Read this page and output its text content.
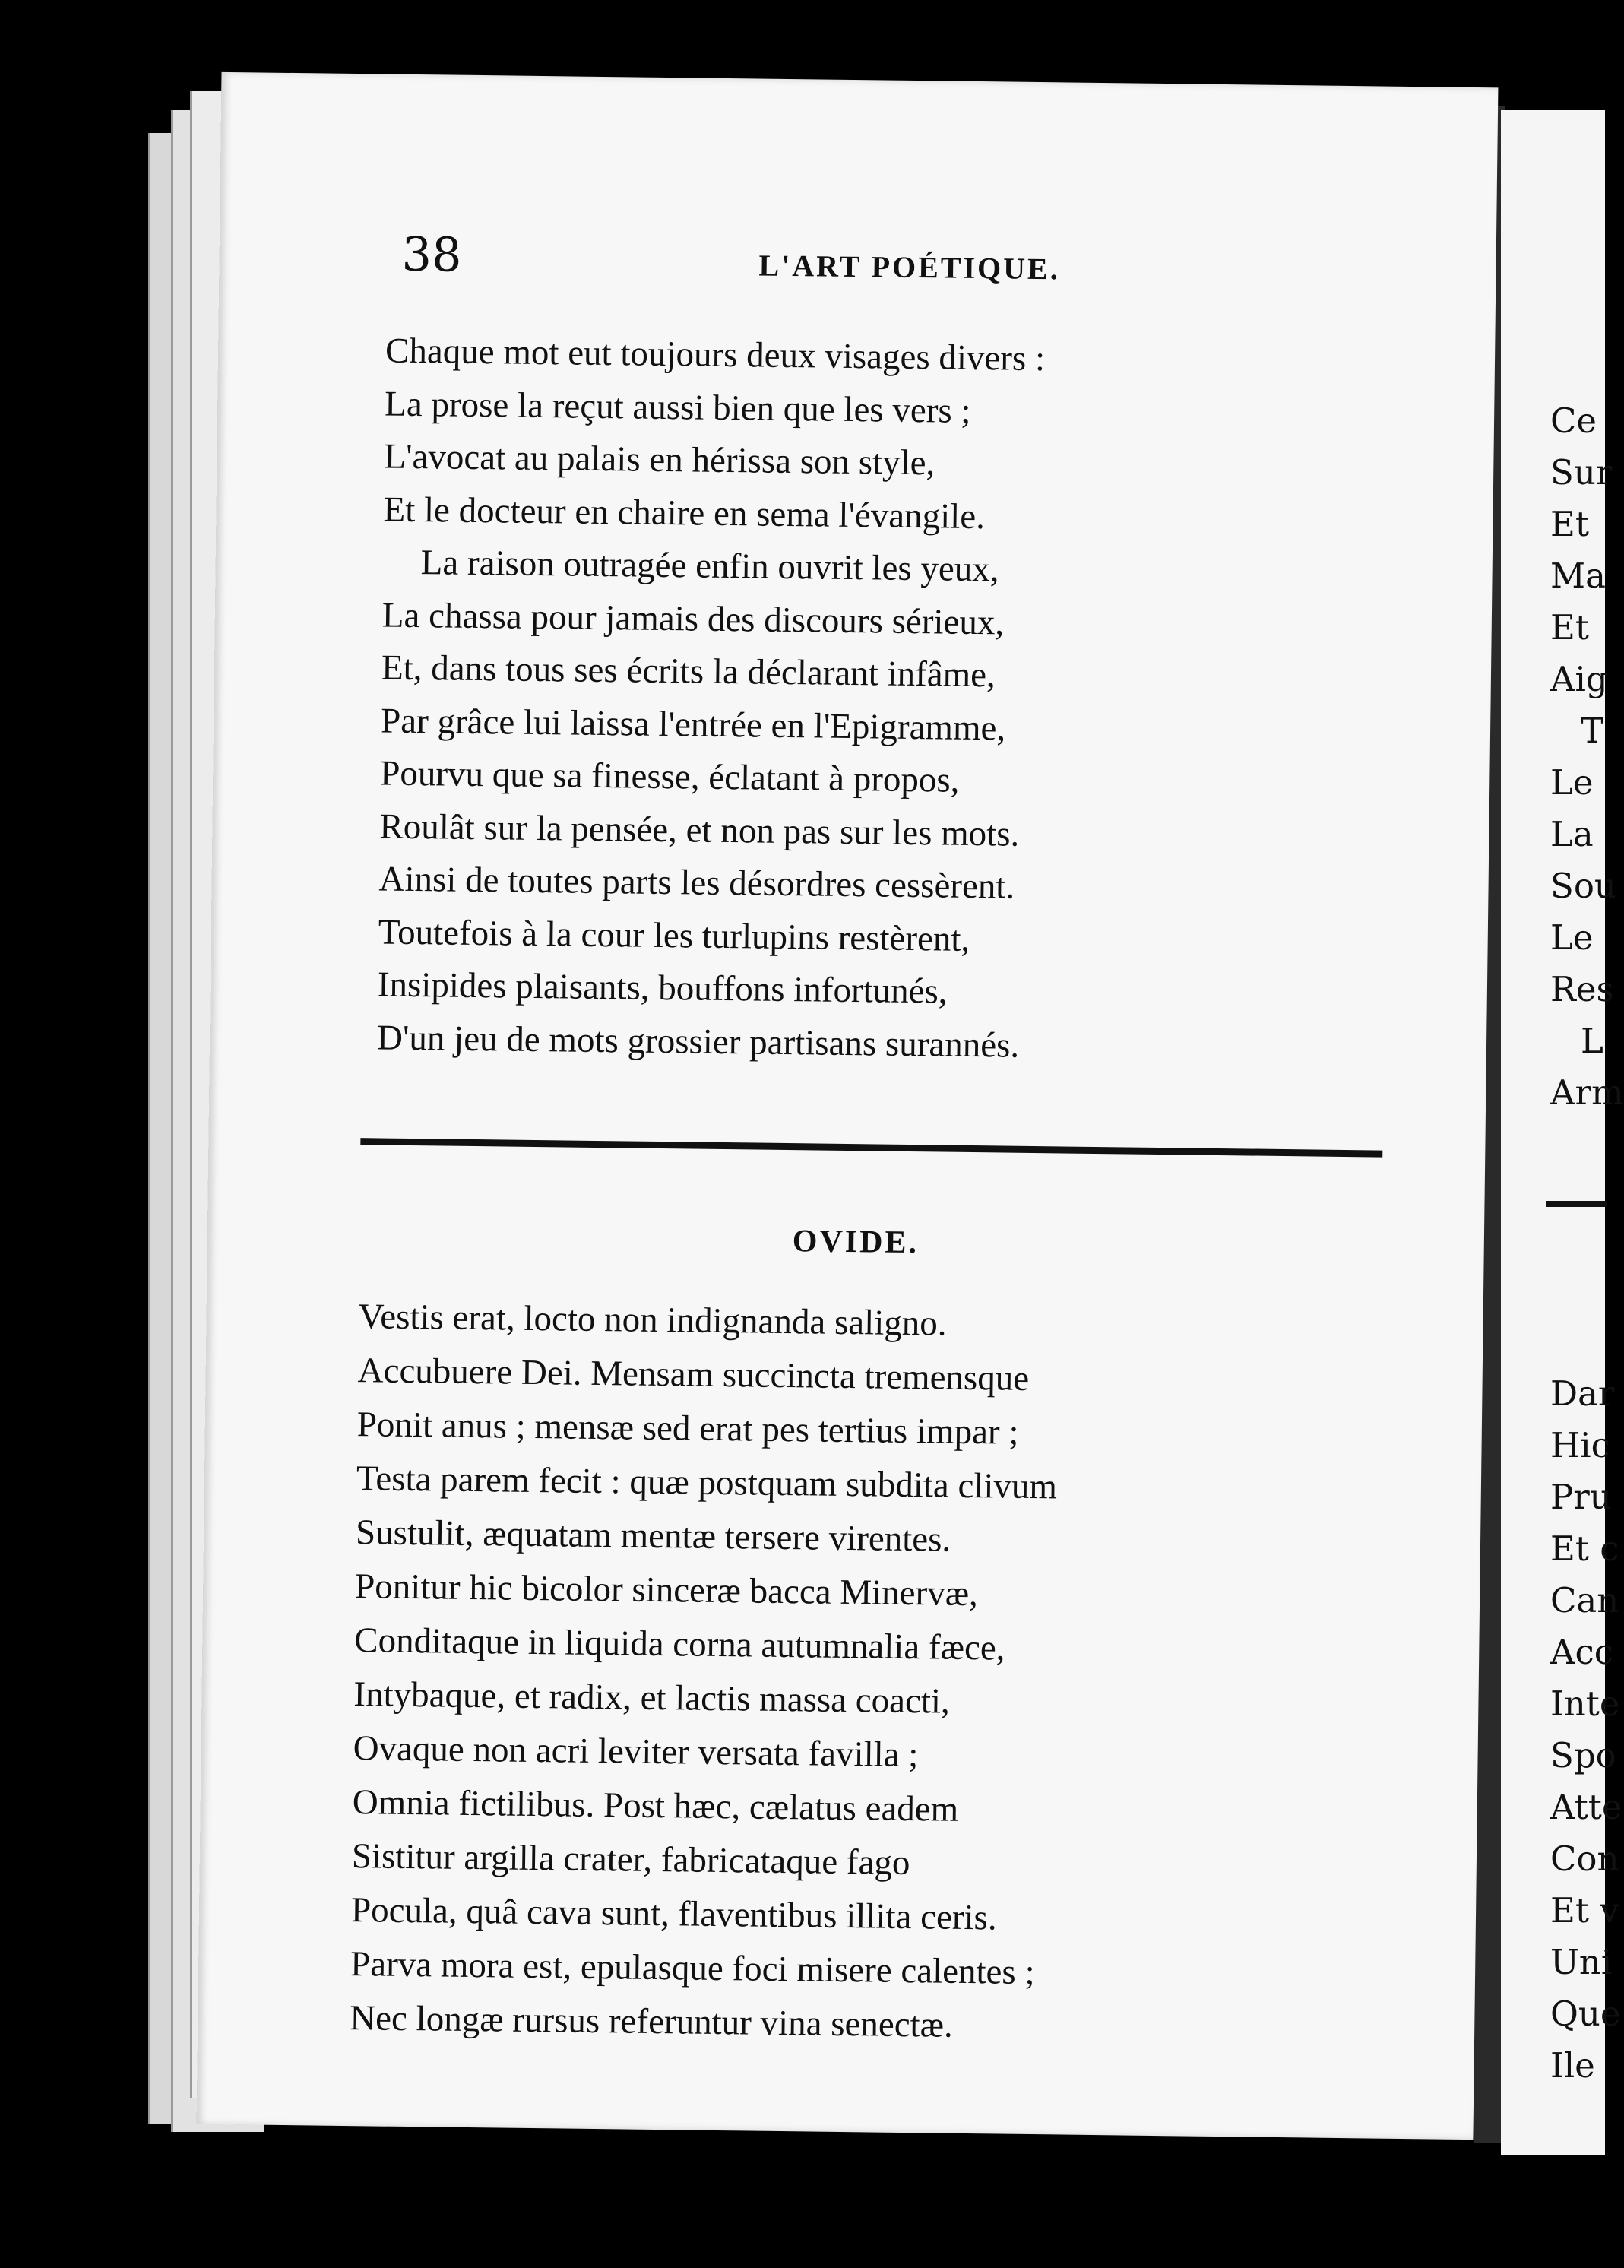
Ce
Sur
Et
Ma
Et
Aig
T
Le
La
Sou
Le
Res
L
Arm
Dar
Hic
Pru
Et c
Can
Acc
Inte
Spo
Atte
Con
Et v
Uni
Que
Ile
38	L'ART POÉTIQUE.
Chaque mot eut toujours deux visages divers :
La prose la reçut aussi bien que les vers ;
L'avocat au palais en hérissa son style,
Et le docteur en chaire en sema l'évangile.
La raison outragée enfin ouvrit les yeux,
La chassa pour jamais des discours sérieux,
Et, dans tous ses écrits la déclarant infâme,
Par grâce lui laissa l'entrée en l'Epigramme,
Pourvu que sa finesse, éclatant à propos,
Roulât sur la pensée, et non pas sur les mots.
Ainsi de toutes parts les désordres cessèrent.
Toutefois à la cour les turlupins restèrent,
Insipides plaisants, bouffons infortunés,
D'un jeu de mots grossier partisans surannés.
OVIDE.
Vestis erat, locto non indignanda saligno.
Accubuere Dei. Mensam succincta tremensque
Ponit anus ; mensæ sed erat pes tertius impar ;
Testa parem fecit : quæ postquam subdita clivum
Sustulit, æquatam mentæ tersere virentes.
Ponitur hic bicolor sinceræ bacca Minervæ,
Conditaque in liquida corna autumnalia fæce,
Intybaque, et radix, et lactis massa coacti,
Ovaque non acri leviter versata favilla ;
Omnia fictilibus. Post hæc, cælatus eadem
Sistitur argilla crater, fabricataque fago
Pocula, quâ cava sunt, flaventibus illita ceris.
Parva mora est, epulasque foci misere calentes ;
Nec longæ rursus referuntur vina senectæ.
